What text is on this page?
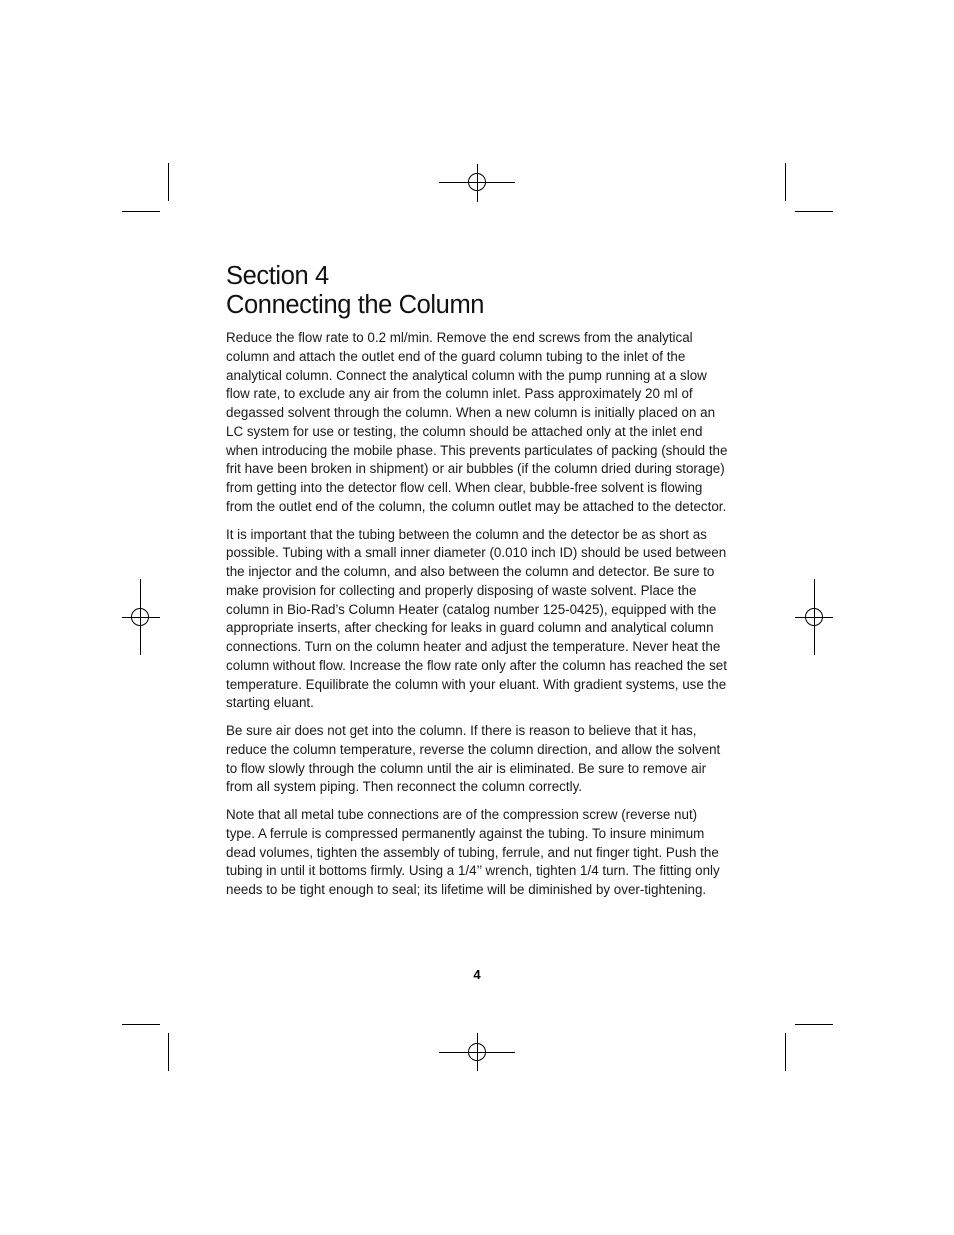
Section 4
Connecting the Column

Reduce the flow rate to 0.2 ml/min. Remove the end screws from the analytical column and attach the outlet end of the guard column tubing to the inlet of the analytical column. Connect the analytical column with the pump running at a slow flow rate, to exclude any air from the column inlet. Pass approximately 20 ml of degassed solvent through the column. When a new column is initially placed on an LC system for use or testing, the column should be attached only at the inlet end when introducing the mobile phase. This prevents particulates of packing (should the frit have been broken in shipment) or air bubbles (if the column dried during storage) from getting into the detector flow cell. When clear, bubble-free solvent is flowing from the outlet end of the column, the column outlet may be attached to the detector.

It is important that the tubing between the column and the detector be as short as possible. Tubing with a small inner diameter (0.010 inch ID) should be used between the injector and the column, and also between the column and detector. Be sure to make provision for collecting and properly disposing of waste solvent. Place the column in Bio-Rad’s Column Heater (catalog number 125-0425), equipped with the appropriate inserts, after checking for leaks in guard column and analytical column connections. Turn on the column heater and adjust the temperature. Never heat the column without flow. Increase the flow rate only after the column has reached the set temperature. Equilibrate the column with your eluant. With gradient systems, use the starting eluant.

Be sure air does not get into the column. If there is reason to believe that it has, reduce the column temperature, reverse the column direction, and allow the solvent to flow slowly through the column until the air is eliminated. Be sure to remove air from all system piping. Then reconnect the column correctly.

Note that all metal tube connections are of the compression screw (reverse nut) type. A ferrule is compressed permanently against the tubing. To insure minimum dead volumes, tighten the assembly of tubing, ferrule, and nut finger tight. Push the tubing in until it bottoms firmly. Using a 1/4’’ wrench, tighten 1/4 turn. The fitting only needs to be tight enough to seal; its lifetime will be diminished by over-tightening.

4
